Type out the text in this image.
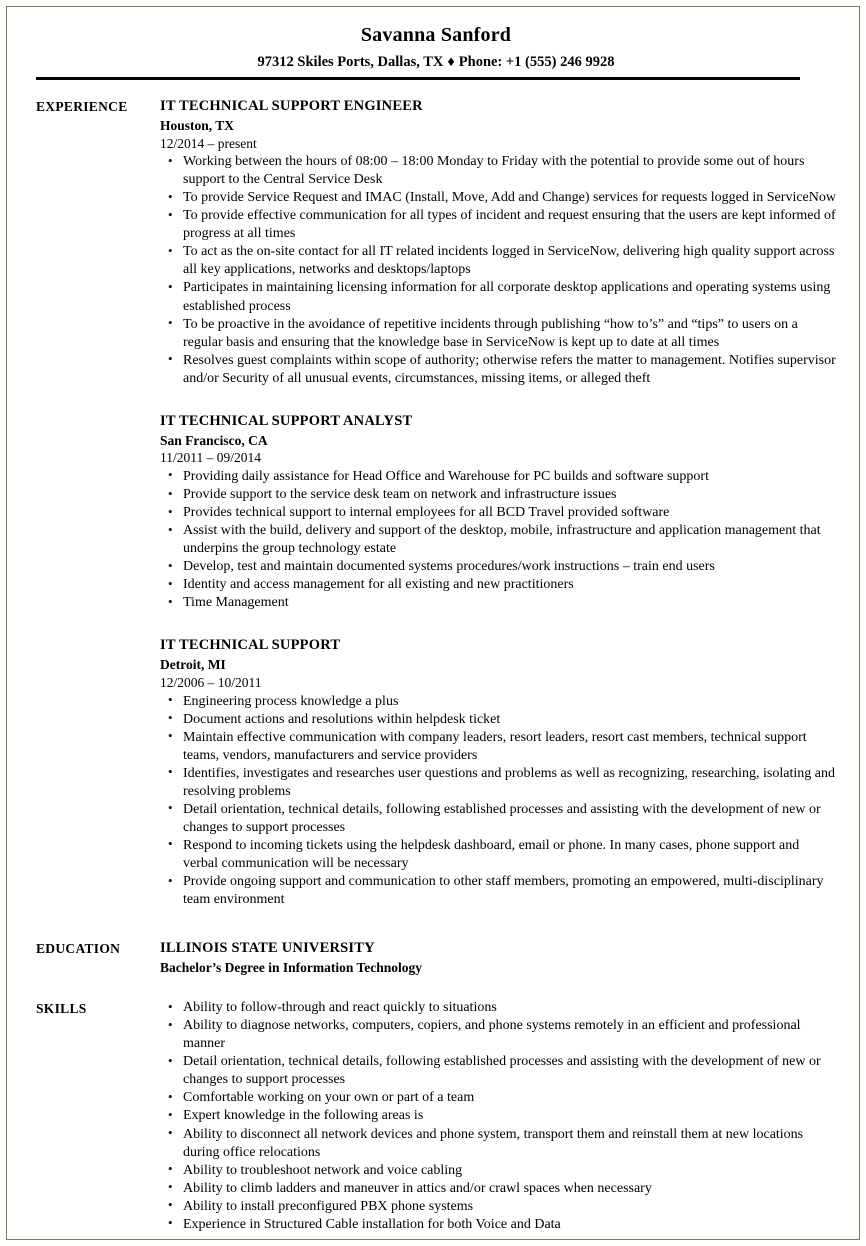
Savanna Sanford
97312 Skiles Ports, Dallas, TX ♦ Phone: +1 (555) 246 9928
EXPERIENCE	IT TECHNICAL SUPPORT ENGINEER
Houston, TX
12/2014 – present
• Working between the hours of 08:00 – 18:00 Monday to Friday with the potential to provide some out of hours support to the Central Service Desk
• To provide Service Request and IMAC (Install, Move, Add and Change) services for requests logged in ServiceNow
• To provide effective communication for all types of incident and request ensuring that the users are kept informed of progress at all times
• To act as the on-site contact for all IT related incidents logged in ServiceNow, delivering high quality support across all key applications, networks and desktops/laptops
• Participates in maintaining licensing information for all corporate desktop applications and operating systems using established process
• To be proactive in the avoidance of repetitive incidents through publishing “how to’s” and “tips” to users on a regular basis and ensuring that the knowledge base in ServiceNow is kept up to date at all times
• Resolves guest complaints within scope of authority; otherwise refers the matter to management. Notifies supervisor and/or Security of all unusual events, circumstances, missing items, or alleged theft
IT TECHNICAL SUPPORT ANALYST
San Francisco, CA
11/2011 – 09/2014
• Providing daily assistance for Head Office and Warehouse for PC builds and software support
• Provide support to the service desk team on network and infrastructure issues
• Provides technical support to internal employees for all BCD Travel provided software
• Assist with the build, delivery and support of the desktop, mobile, infrastructure and application management that underpins the group technology estate
• Develop, test and maintain documented systems procedures/work instructions – train end users
• Identity and access management for all existing and new practitioners
• Time Management
IT TECHNICAL SUPPORT
Detroit, MI
12/2006 – 10/2011
• Engineering process knowledge a plus
• Document actions and resolutions within helpdesk ticket
• Maintain effective communication with company leaders, resort leaders, resort cast members, technical support teams, vendors, manufacturers and service providers
• Identifies, investigates and researches user questions and problems as well as recognizing, researching, isolating and resolving problems
• Detail orientation, technical details, following established processes and assisting with the development of new or changes to support processes
• Respond to incoming tickets using the helpdesk dashboard, email or phone. In many cases, phone support and verbal communication will be necessary
• Provide ongoing support and communication to other staff members, promoting an empowered, multi-disciplinary team environment
EDUCATION	ILLINOIS STATE UNIVERSITY
Bachelor’s Degree in Information Technology
SKILLS	• Ability to follow-through and react quickly to situations
• Ability to diagnose networks, computers, copiers, and phone systems remotely in an efficient and professional manner
• Detail orientation, technical details, following established processes and assisting with the development of new or changes to support processes
• Comfortable working on your own or part of a team
• Expert knowledge in the following areas is
• Ability to disconnect all network devices and phone system, transport them and reinstall them at new locations during office relocations
• Ability to troubleshoot network and voice cabling
• Ability to climb ladders and maneuver in attics and/or crawl spaces when necessary
• Ability to install preconfigured PBX phone systems
• Experience in Structured Cable installation for both Voice and Data
